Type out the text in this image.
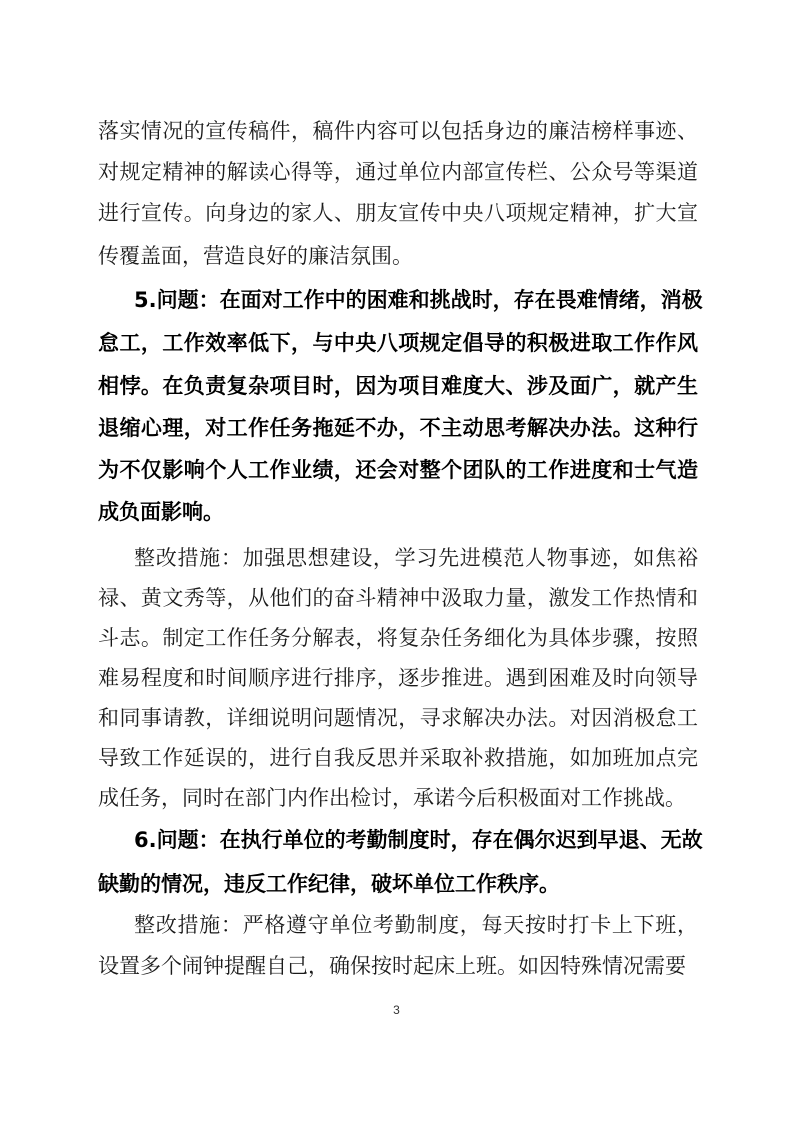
3
落实情况的宣传稿件，稿件内容可以包括身边的廉洁榜样事迹、
对规定精神的解读心得等，通过单位内部宣传栏、公众号等渠道
进行宣传。向身边的家人、朋友宣传中央八项规定精神，扩大宣
传覆盖面，营造良好的廉洁氛围。
5.问题：在面对工作中的困难和挑战时，存在畏难情绪，消极
怠工，工作效率低下，与中央八项规定倡导的积极进取工作作风
相悖。在负责复杂项目时，因为项目难度大、涉及面广，就产生
退缩心理，对工作任务拖延不办，不主动思考解决办法。这种行
为不仅影响个人工作业绩，还会对整个团队的工作进度和士气造
成负面影响。
整改措施：加强思想建设，学习先进模范人物事迹，如焦裕
禄、黄文秀等，从他们的奋斗精神中汲取力量，激发工作热情和
斗志。制定工作任务分解表，将复杂任务细化为具体步骤，按照
难易程度和时间顺序进行排序，逐步推进。遇到困难及时向领导
和同事请教，详细说明问题情况，寻求解决办法。对因消极怠工
导致工作延误的，进行自我反思并采取补救措施，如加班加点完
成任务，同时在部门内作出检讨，承诺今后积极面对工作挑战。
6.问题：在执行单位的考勤制度时，存在偶尔迟到早退、无故
缺勤的情况，违反工作纪律，破坏单位工作秩序。
整改措施：严格遵守单位考勤制度，每天按时打卡上下班，
设置多个闹钟提醒自己，确保按时起床上班。如因特殊情况需要
